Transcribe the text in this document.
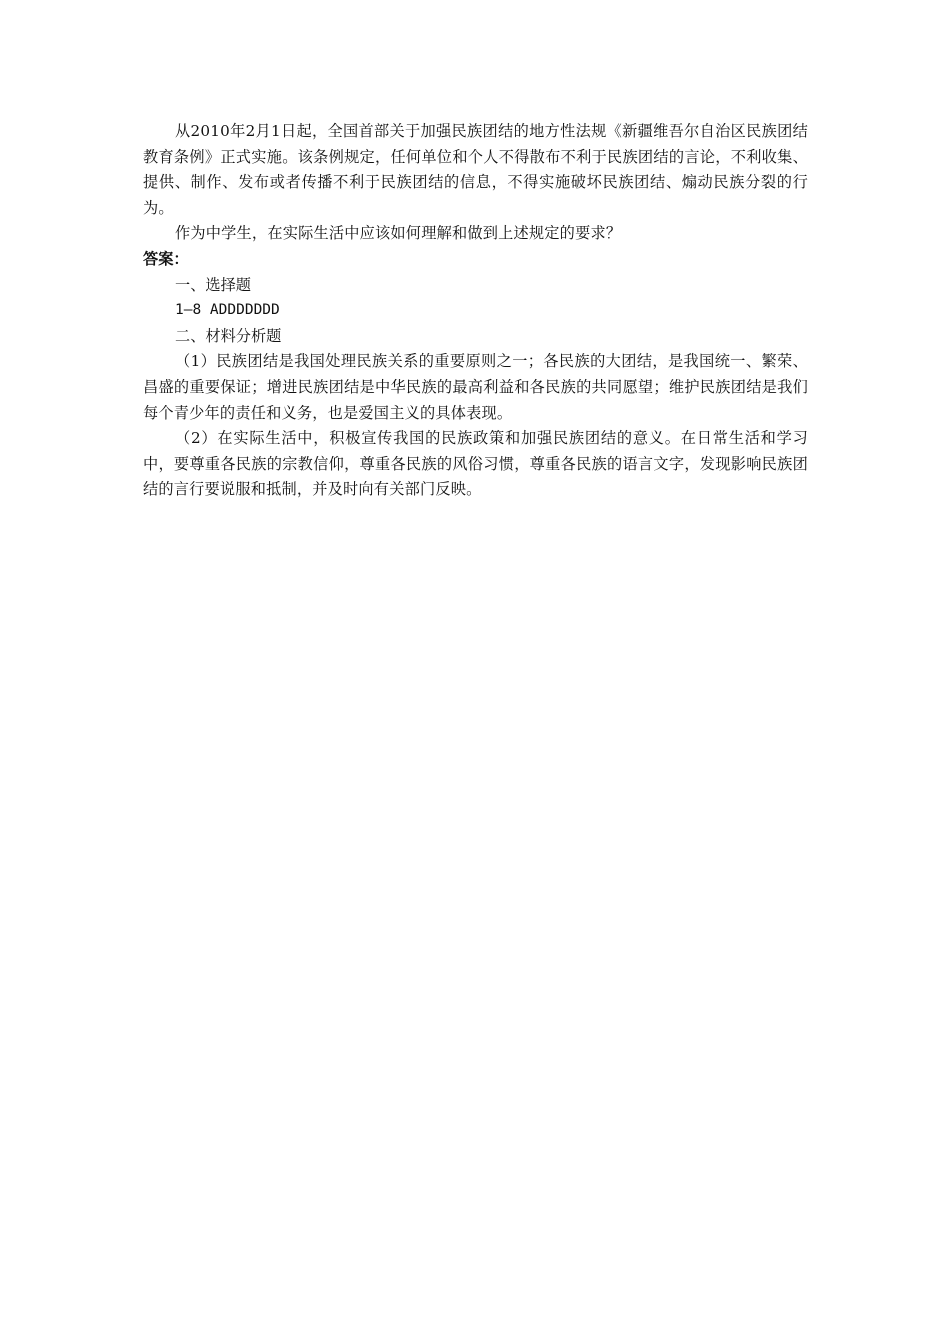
从2010年2月1日起，全国首部关于加强民族团结的地方性法规《新疆维吾尔自治区民族团结教育条例》正式实施。该条例规定，任何单位和个人不得散布不利于民族团结的言论，不利收集、提供、制作、发布或者传播不利于民族团结的信息，不得实施破坏民族团结、煽动民族分裂的行为。

作为中学生，在实际生活中应该如何理解和做到上述规定的要求？

答案：

一、选择题

1—8 ADDDDDDD

二、材料分析题

（1）民族团结是我国处理民族关系的重要原则之一；各民族的大团结，是我国统一、繁荣、昌盛的重要保证；增进民族团结是中华民族的最高利益和各民族的共同愿望；维护民族团结是我们每个青少年的责任和义务，也是爱国主义的具体表现。

（2）在实际生活中，积极宣传我国的民族政策和加强民族团结的意义。在日常生活和学习中，要尊重各民族的宗教信仰，尊重各民族的风俗习惯，尊重各民族的语言文字，发现影响民族团结的言行要说服和抵制，并及时向有关部门反映。
